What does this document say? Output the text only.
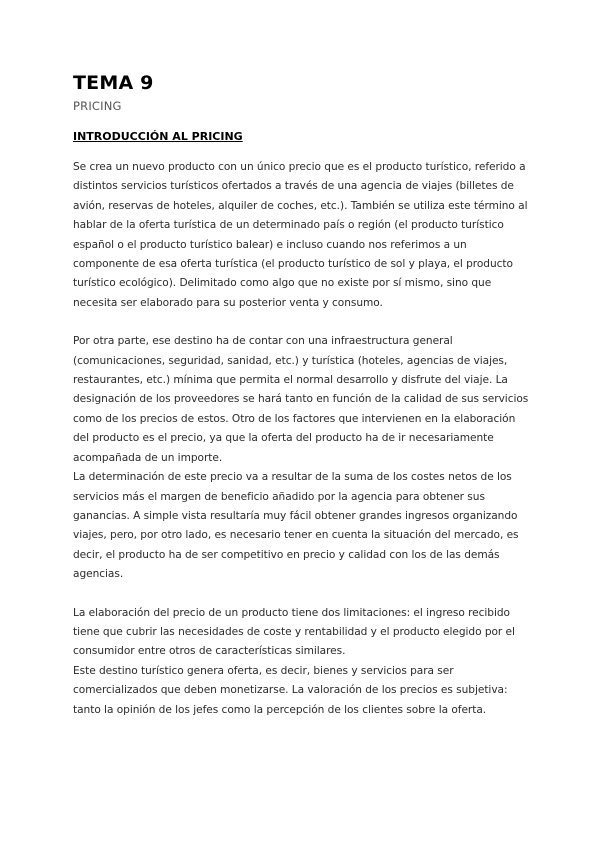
TEMA 9
PRICING
INTRODUCCIÓN AL PRICING

Se crea un nuevo producto con un único precio que es el producto turístico, referido a distintos servicios turísticos ofertados a través de una agencia de viajes (billetes de avión, reservas de hoteles, alquiler de coches, etc.). También se utiliza este término al hablar de la oferta turística de un determinado país o región (el producto turístico español o el producto turístico balear) e incluso cuando nos referimos a un componente de esa oferta turística (el producto turístico de sol y playa, el producto turístico ecológico). Delimitado como algo que no existe por sí mismo, sino que necesita ser elaborado para su posterior venta y consumo.

Por otra parte, ese destino ha de contar con una infraestructura general (comunicaciones, seguridad, sanidad, etc.) y turística (hoteles, agencias de viajes, restaurantes, etc.) mínima que permita el normal desarrollo y disfrute del viaje. La designación de los proveedores se hará tanto en función de la calidad de sus servicios como de los precios de estos. Otro de los factores que intervienen en la elaboración del producto es el precio, ya que la oferta del producto ha de ir necesariamente acompañada de un importe.

La determinación de este precio va a resultar de la suma de los costes netos de los servicios más el margen de beneficio añadido por la agencia para obtener sus ganancias. A simple vista resultaría muy fácil obtener grandes ingresos organizando viajes, pero, por otro lado, es necesario tener en cuenta la situación del mercado, es decir, el producto ha de ser competitivo en precio y calidad con los de las demás agencias.

La elaboración del precio de un producto tiene dos limitaciones: el ingreso recibido tiene que cubrir las necesidades de coste y rentabilidad y el producto elegido por el consumidor entre otros de características similares.

Este destino turístico genera oferta, es decir, bienes y servicios para ser comercializados que deben monetizarse. La valoración de los precios es subjetiva: tanto la opinión de los jefes como la percepción de los clientes sobre la oferta.
